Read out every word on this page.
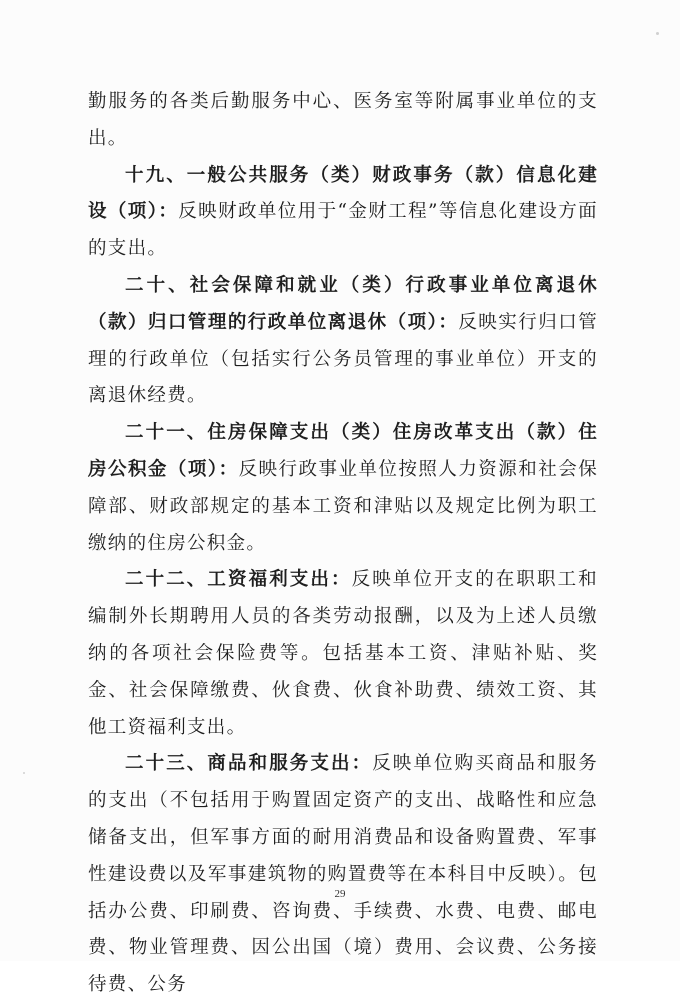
勤服务的各类后勤服务中心、医务室等附属事业单位的支出。

十九、一般公共服务（类）财政事务（款）信息化建设（项）：反映财政单位用于“金财工程”等信息化建设方面的支出。

二十、社会保障和就业（类）行政事业单位离退休（款）归口管理的行政单位离退休（项）：反映实行归口管理的行政单位（包括实行公务员管理的事业单位）开支的离退休经费。

二十一、住房保障支出（类）住房改革支出（款）住房公积金（项）：反映行政事业单位按照人力资源和社会保障部、财政部规定的基本工资和津贴以及规定比例为职工缴纳的住房公积金。

二十二、工资福利支出：反映单位开支的在职职工和编制外长期聘用人员的各类劳动报酬，以及为上述人员缴纳的各项社会保险费等。包括基本工资、津贴补贴、奖金、社会保障缴费、伙食费、伙食补助费、绩效工资、其他工资福利支出。

二十三、商品和服务支出：反映单位购买商品和服务的支出（不包括用于购置固定资产的支出、战略性和应急储备支出，但军事方面的耐用消费品和设备购置费、军事性建设费以及军事建筑物的购置费等在本科目中反映）。包括办公费、印刷费、咨询费、手续费、水费、电费、邮电费、物业管理费、因公出国（境）费用、会议费、公务接待费、公务

29
